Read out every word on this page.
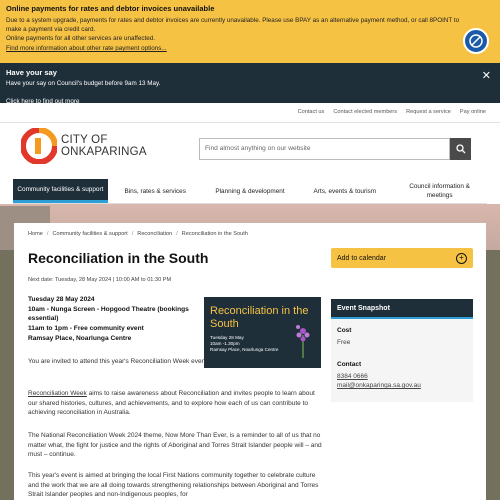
Online payments for rates and debtor invoices unavailable
Due to a system upgrade, payments for rates and debtor invoices are currently unavailable. Please use BPAY as an alternative payment method, or call 8POINT to make a payment via credit card.
Online payments for all other services are unaffected.
Find more information about other rate payment options...
Have your say
Have your say on Council's budget before 9am 13 May.
Click here to find out more
✕
Contact us Contact elected members Request a service Pay online
CITY OF
ONKAPARINGA	Find almost anything on our website
Community facilities & support	Bins, rates & services	Planning & development	Arts, events & tourism
Council information & meetings
Home / Community facilities & support / Reconciliation / Reconciliation in the South
Reconciliation in the South
Next date: Tuesday, 28 May 2024 | 10:00 AM to 01:30 PM
Add to calendar	+
Tuesday 28 May 2024
10am - Nunga Screen - Hopgood Theatre (bookings essential)
11am to 1pm - Free community event
Ramsay Place, Noarlunga Centre
Reconciliation in the South
Tuesday 28 May
10am -1.30pm
Ramsay Place, Noarlunga Centre
You are invited to attend this year's Reconciliation Week event.
Reconciliation Week aims to raise awareness about Reconciliation and invites people to learn about our shared histories, cultures, and achievements, and to explore how each of us can contribute to achieving reconciliation in Australia.
The National Reconciliation Week 2024 theme, Now More Than Ever, is a reminder to all of us that no matter what, the fight for justice and the rights of Aboriginal and Torres Strait Islander people will – and must – continue.
This year's event is aimed at bringing the local First Nations community together to celebrate culture and the work that we are all doing towards strengthening relationships between Aboriginal and Torres Strait Islander peoples and non-Indigenous peoples, for
Event Snapshot
Cost
Free
Contact
8384 0666
mail@onkaparinga.sa.gov.au
